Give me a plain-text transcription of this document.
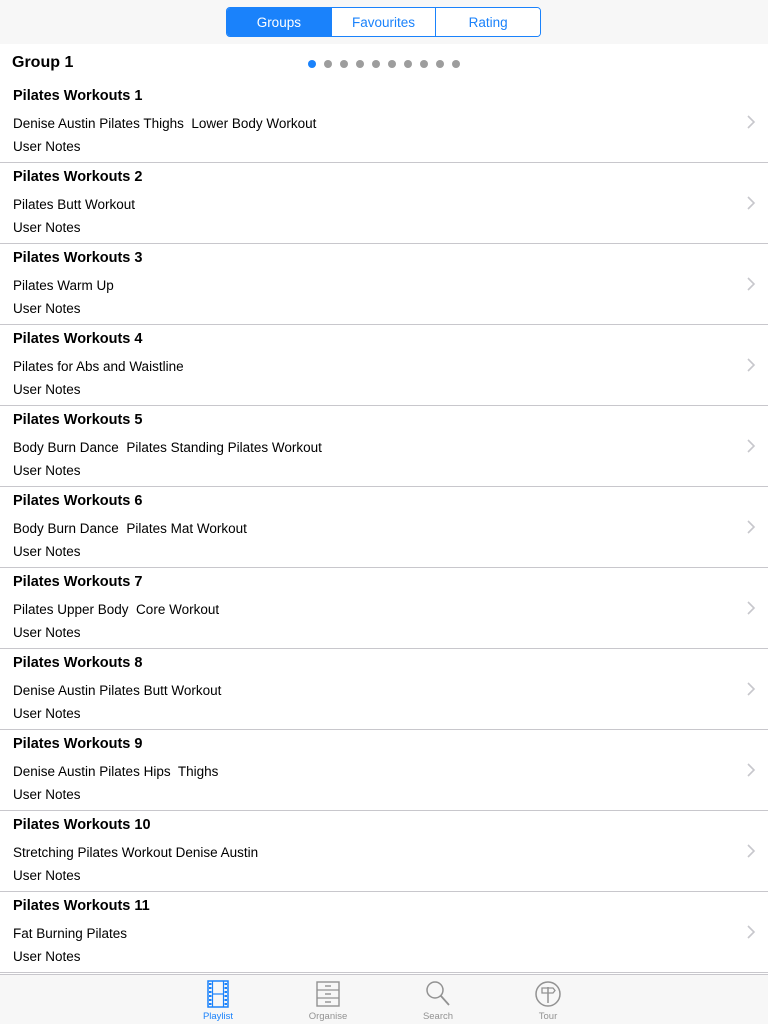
Groups	Favourites	Rating
Group 1
Pilates Workouts 1
Denise Austin Pilates Thighs  Lower Body Workout
User Notes
Pilates Workouts 2
Pilates Butt Workout
User Notes
Pilates Workouts 3
Pilates Warm Up
User Notes
Pilates Workouts 4
Pilates for Abs and Waistline
User Notes
Pilates Workouts 5
Body Burn Dance  Pilates Standing Pilates Workout
User Notes
Pilates Workouts 6
Body Burn Dance  Pilates Mat Workout
User Notes
Pilates Workouts 7
Pilates Upper Body  Core Workout
User Notes
Pilates Workouts 8
Denise Austin Pilates Butt Workout
User Notes
Pilates Workouts 9
Denise Austin Pilates Hips  Thighs
User Notes
Pilates Workouts 10
Stretching Pilates Workout Denise Austin
User Notes
Pilates Workouts 11
Fat Burning Pilates
User Notes
Playlist	Organise	Search	Tour
